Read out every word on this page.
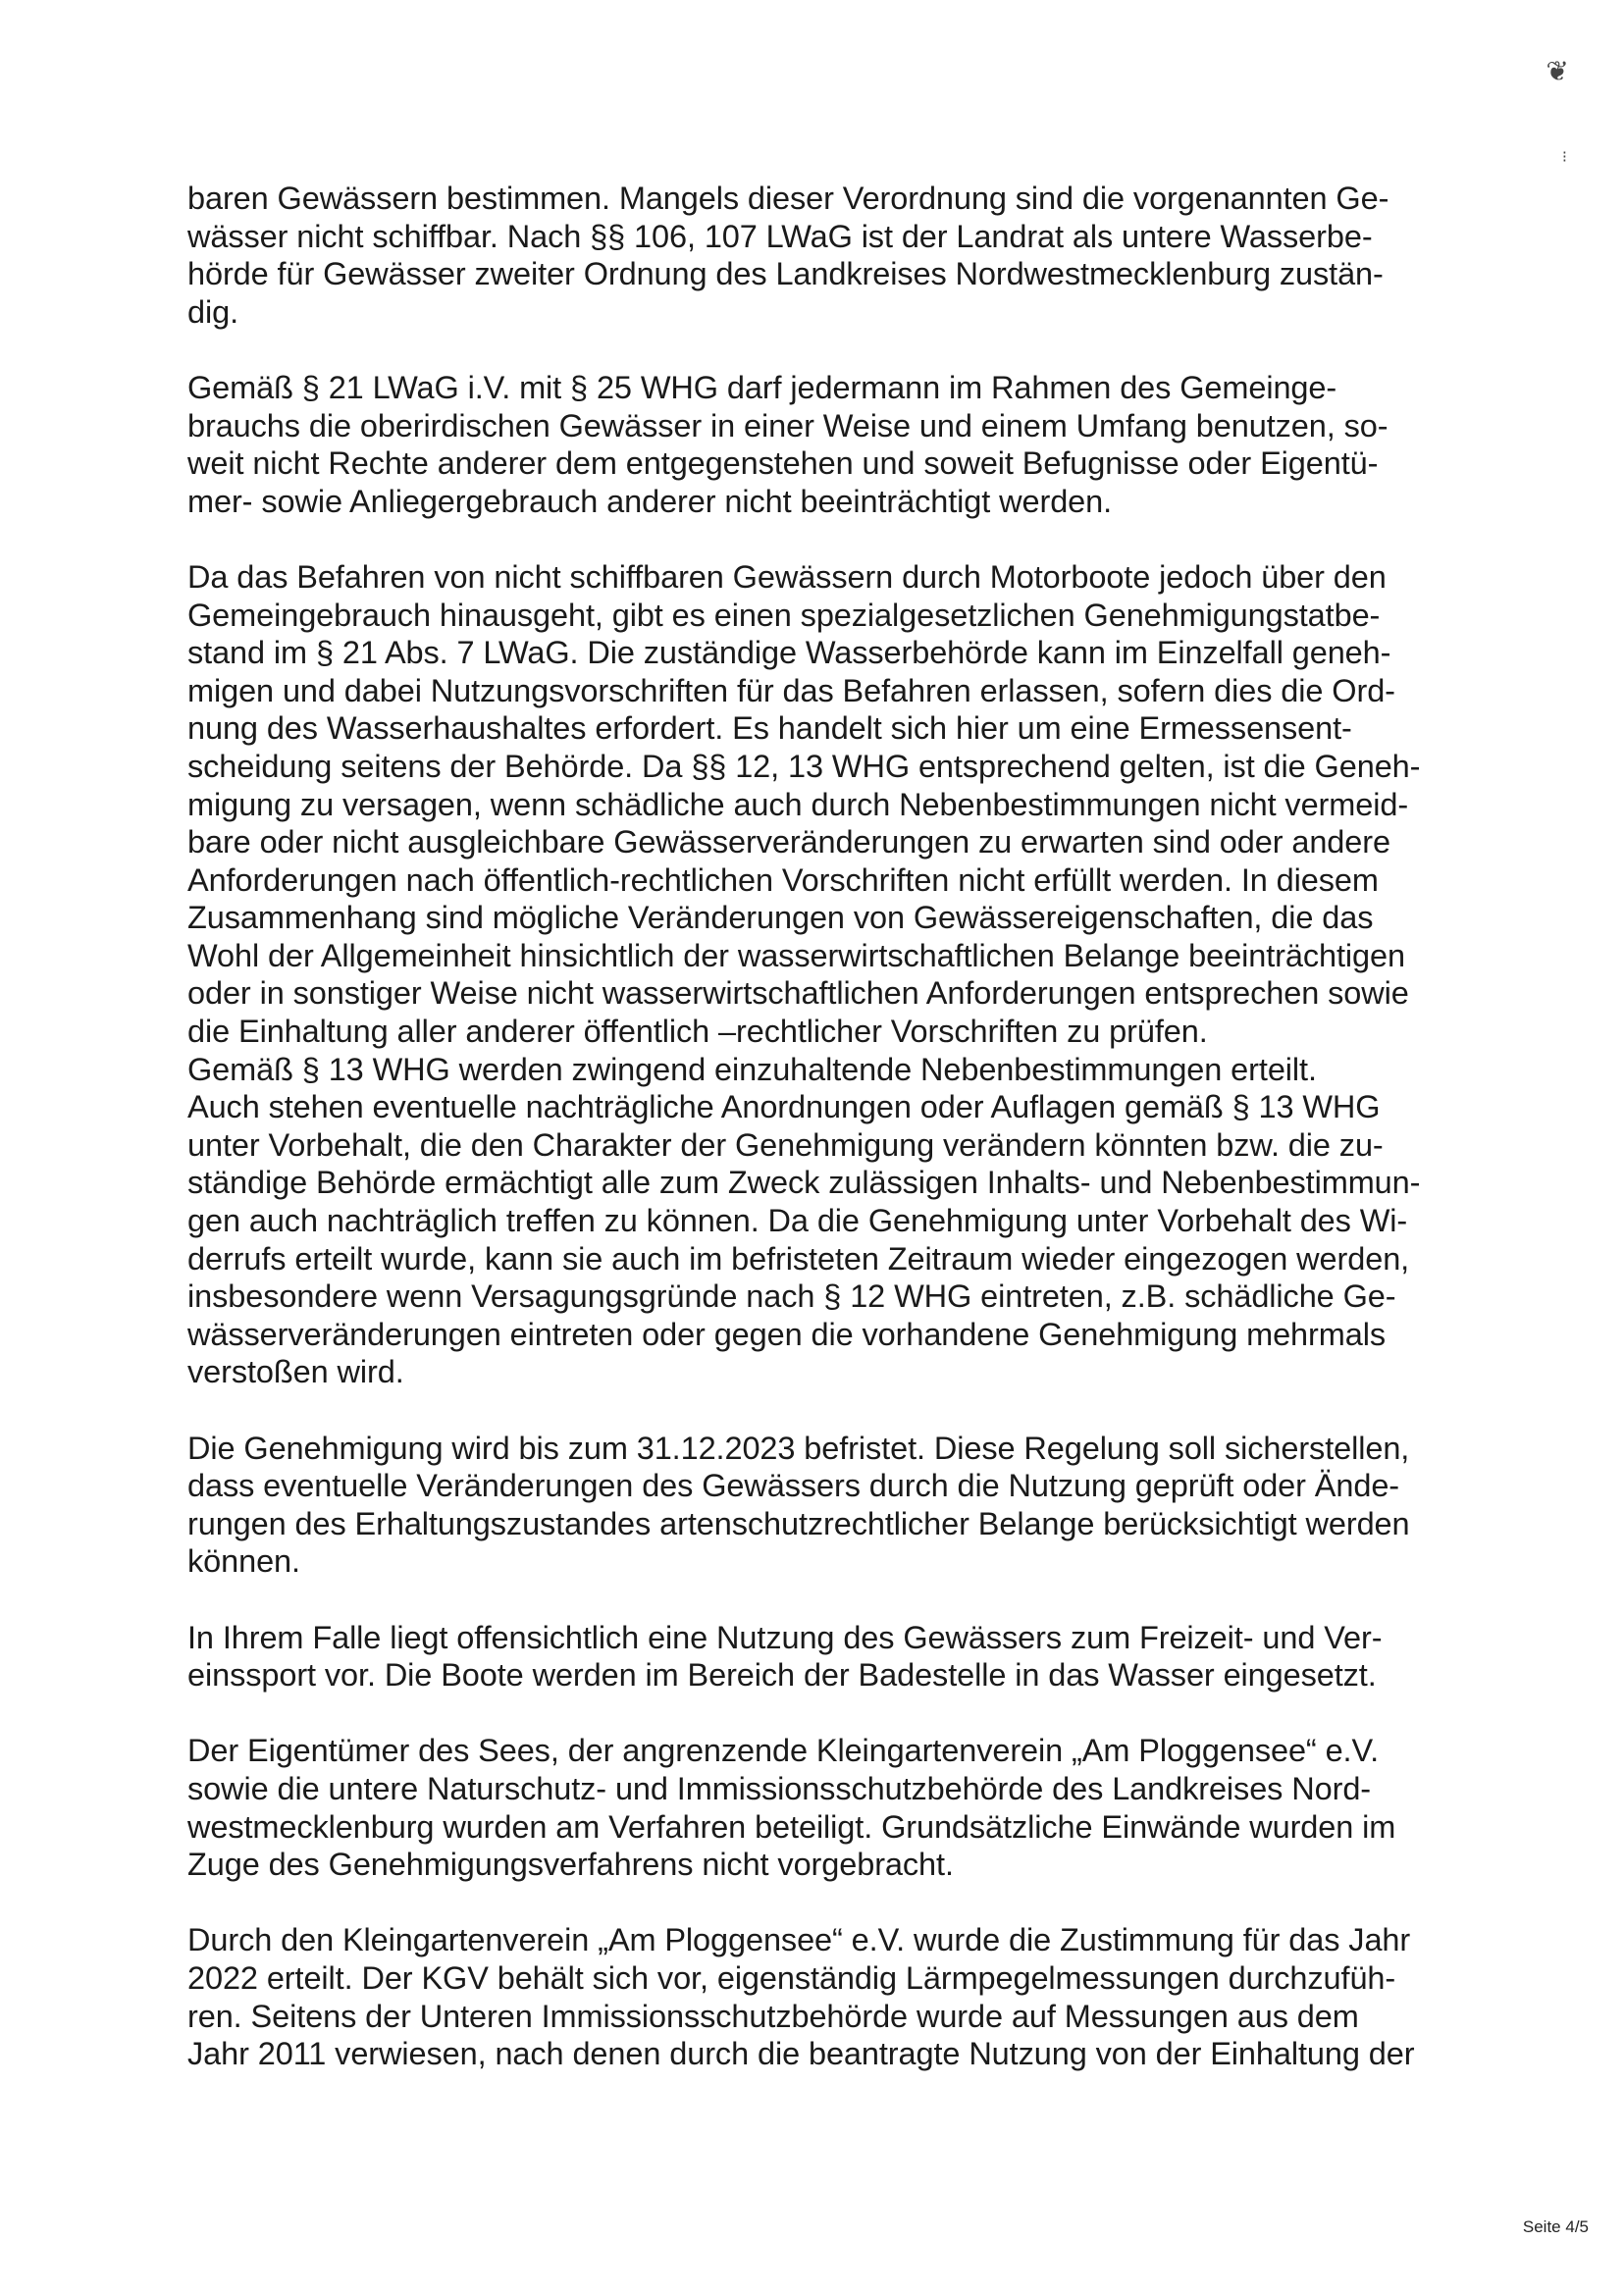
❦
⁝

baren Gewässern bestimmen. Mangels dieser Verordnung sind die vorgenannten Ge-
wässer nicht schiffbar. Nach §§ 106, 107 LWaG ist der Landrat als untere Wasserbe-
hörde für Gewässer zweiter Ordnung des Landkreises Nordwestmecklenburg zustän-
dig.

Gemäß § 21 LWaG i.V. mit § 25 WHG darf jedermann im Rahmen des Gemeinge-
brauchs die oberirdischen Gewässer in einer Weise und einem Umfang benutzen, so-
weit nicht Rechte anderer dem entgegenstehen und soweit Befugnisse oder Eigentü-
mer- sowie Anliegergebrauch anderer nicht beeinträchtigt werden.

Da das Befahren von nicht schiffbaren Gewässern durch Motorboote jedoch über den
Gemeingebrauch hinausgeht, gibt es einen spezialgesetzlichen Genehmigungstatbe-
stand im § 21 Abs. 7 LWaG. Die zuständige Wasserbehörde kann im Einzelfall geneh-
migen und dabei Nutzungsvorschriften für das Befahren erlassen, sofern dies die Ord-
nung des Wasserhaushaltes erfordert. Es handelt sich hier um eine Ermessensent-
scheidung seitens der Behörde. Da §§ 12, 13 WHG entsprechend gelten, ist die Geneh-
migung zu versagen, wenn schädliche auch durch Nebenbestimmungen nicht vermeid-
bare oder nicht ausgleichbare Gewässerveränderungen zu erwarten sind oder andere
Anforderungen nach öffentlich-rechtlichen Vorschriften nicht erfüllt werden. In diesem
Zusammenhang sind mögliche Veränderungen von Gewässereigenschaften, die das
Wohl der Allgemeinheit hinsichtlich der wasserwirtschaftlichen Belange beeinträchtigen
oder in sonstiger Weise nicht wasserwirtschaftlichen Anforderungen entsprechen sowie
die Einhaltung aller anderer öffentlich –rechtlicher Vorschriften zu prüfen.
Gemäß § 13 WHG werden zwingend einzuhaltende Nebenbestimmungen erteilt.
Auch stehen eventuelle nachträgliche Anordnungen oder Auflagen gemäß § 13 WHG
unter Vorbehalt, die den Charakter der Genehmigung verändern könnten bzw. die zu-
ständige Behörde ermächtigt alle zum Zweck zulässigen Inhalts- und Nebenbestimmun-
gen auch nachträglich treffen zu können. Da die Genehmigung unter Vorbehalt des Wi-
derrufs erteilt wurde, kann sie auch im befristeten Zeitraum wieder eingezogen werden,
insbesondere wenn Versagungsgründe nach § 12 WHG eintreten, z.B. schädliche Ge-
wässerveränderungen eintreten oder gegen die vorhandene Genehmigung mehrmals
verstoßen wird.

Die Genehmigung wird bis zum 31.12.2023 befristet. Diese Regelung soll sicherstellen,
dass eventuelle Veränderungen des Gewässers durch die Nutzung geprüft oder Ände-
rungen des Erhaltungszustandes artenschutzrechtlicher Belange berücksichtigt werden
können.

In Ihrem Falle liegt offensichtlich eine Nutzung des Gewässers zum Freizeit- und Ver-
einssport vor. Die Boote werden im Bereich der Badestelle in das Wasser eingesetzt.

Der Eigentümer des Sees, der angrenzende Kleingartenverein „Am Ploggensee“ e.V.
sowie die untere Naturschutz- und Immissionsschutzbehörde des Landkreises Nord-
westmecklenburg wurden am Verfahren beteiligt. Grundsätzliche Einwände wurden im
Zuge des Genehmigungsverfahrens nicht vorgebracht.

Durch den Kleingartenverein „Am Ploggensee“ e.V. wurde die Zustimmung für das Jahr
2022 erteilt. Der KGV behält sich vor, eigenständig Lärmpegelmessungen durchzufüh-
ren. Seitens der Unteren Immissionsschutzbehörde wurde auf Messungen aus dem
Jahr 2011 verwiesen, nach denen durch die beantragte Nutzung von der Einhaltung der

Seite 4/5
